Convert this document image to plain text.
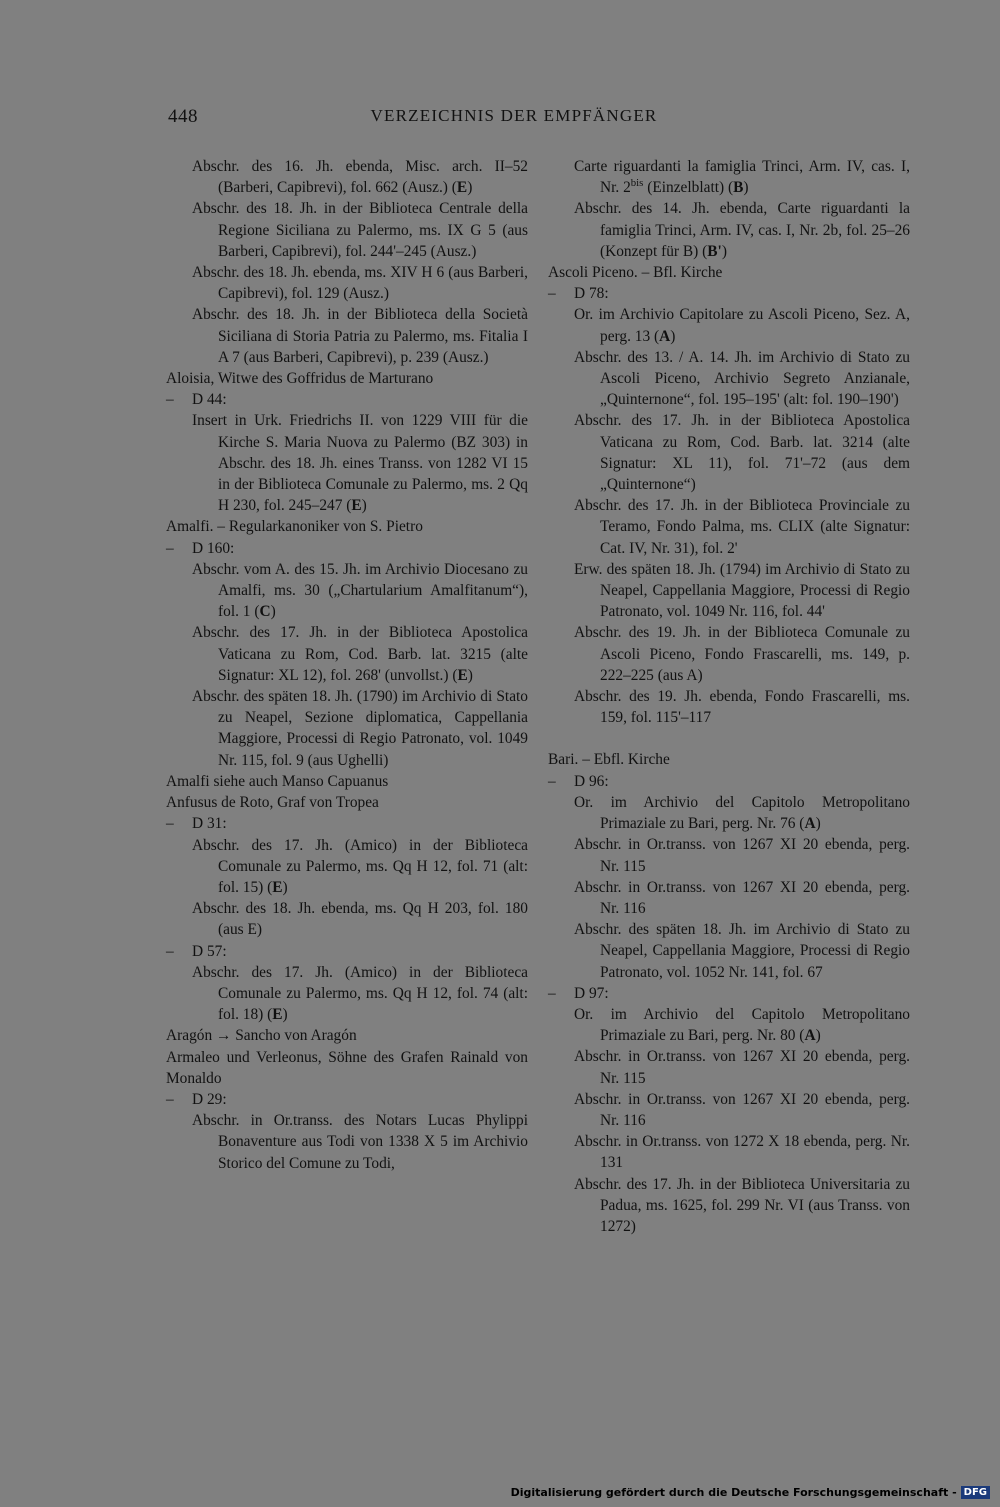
448	VERZEICHNIS DER EMPFÄNGER
Abschr. des 16. Jh. ebenda, Misc. arch. II–52 (Barberi, Capibrevi), fol. 662 (Ausz.) (E)
Abschr. des 18. Jh. in der Biblioteca Centrale della Regione Siciliana zu Palermo, ms. IX G 5 (aus Barberi, Capibrevi), fol. 244'–245 (Ausz.)
Abschr. des 18. Jh. ebenda, ms. XIV H 6 (aus Barberi, Capibrevi), fol. 129 (Ausz.)
Abschr. des 18. Jh. in der Biblioteca della Società Siciliana di Storia Patria zu Palermo, ms. Fitalia I A 7 (aus Barberi, Capibrevi), p. 239 (Ausz.)
Aloisia, Witwe des Goffridus de Marturano
– D 44:
Insert in Urk. Friedrichs II. von 1229 VIII für die Kirche S. Maria Nuova zu Palermo (BZ 303) in Abschr. des 18. Jh. eines Transs. von 1282 VI 15 in der Biblioteca Comunale zu Palermo, ms. 2 Qq H 230, fol. 245–247 (E)
Amalfi. – Regularkanoniker von S. Pietro
– D 160:
Abschr. vom A. des 15. Jh. im Archivio Diocesano zu Amalfi, ms. 30 („Chartularium Amalfitanum“), fol. 1 (C)
Abschr. des 17. Jh. in der Biblioteca Apostolica Vaticana zu Rom, Cod. Barb. lat. 3215 (alte Signatur: XL 12), fol. 268' (unvollst.) (E)
Abschr. des späten 18. Jh. (1790) im Archivio di Stato zu Neapel, Sezione diplomatica, Cappellania Maggiore, Processi di Regio Patronato, vol. 1049 Nr. 115, fol. 9 (aus Ughelli)
Amalfi siehe auch Manso Capuanus
Anfusus de Roto, Graf von Tropea
– D 31:
Abschr. des 17. Jh. (Amico) in der Biblioteca Comunale zu Palermo, ms. Qq H 12, fol. 71 (alt: fol. 15) (E)
Abschr. des 18. Jh. ebenda, ms. Qq H 203, fol. 180 (aus E)
– D 57:
Abschr. des 17. Jh. (Amico) in der Biblioteca Comunale zu Palermo, ms. Qq H 12, fol. 74 (alt: fol. 18) (E)
Aragón → Sancho von Aragón
Armaleo und Verleonus, Söhne des Grafen Rainald von Monaldo
– D 29:
Abschr. in Or.transs. des Notars Lucas Phylippi Bonaventure aus Todi von 1338 X 5 im Archivio Storico del Comune zu Todi,
Carte riguardanti la famiglia Trinci, Arm. IV, cas. I, Nr. $2^{bis}$ (Einzelblatt) (B)
Abschr. des 14. Jh. ebenda, Carte riguardanti la famiglia Trinci, Arm. IV, cas. I, Nr. 2b, fol. 25–26 (Konzept für B) (B')
Ascoli Piceno. – Bfl. Kirche
– D 78:
Or. im Archivio Capitolare zu Ascoli Piceno, Sez. A, perg. 13 (A)
Abschr. des 13. / A. 14. Jh. im Archivio di Stato zu Ascoli Piceno, Archivio Segreto Anzianale, „Quinternone“, fol. 195–195' (alt: fol. 190–190')
Abschr. des 17. Jh. in der Biblioteca Apostolica Vaticana zu Rom, Cod. Barb. lat. 3214 (alte Signatur: XL 11), fol. 71'–72 (aus dem „Quinternone“)
Abschr. des 17. Jh. in der Biblioteca Provinciale zu Teramo, Fondo Palma, ms. CLIX (alte Signatur: Cat. IV, Nr. 31), fol. 2'
Erw. des späten 18. Jh. (1794) im Archivio di Stato zu Neapel, Cappellania Maggiore, Processi di Regio Patronato, vol. 1049 Nr. 116, fol. 44'
Abschr. des 19. Jh. in der Biblioteca Comunale zu Ascoli Piceno, Fondo Frascarelli, ms. 149, p. 222–225 (aus A)
Abschr. des 19. Jh. ebenda, Fondo Frascarelli, ms. 159, fol. 115'–117
Bari. – Ebfl. Kirche
– D 96:
Or. im Archivio del Capitolo Metropolitano Primaziale zu Bari, perg. Nr. 76 (A)
Abschr. in Or.transs. von 1267 XI 20 ebenda, perg. Nr. 115
Abschr. in Or.transs. von 1267 XI 20 ebenda, perg. Nr. 116
Abschr. des späten 18. Jh. im Archivio di Stato zu Neapel, Cappellania Maggiore, Processi di Regio Patronato, vol. 1052 Nr. 141, fol. 67
– D 97:
Or. im Archivio del Capitolo Metropolitano Primaziale zu Bari, perg. Nr. 80 (A)
Abschr. in Or.transs. von 1267 XI 20 ebenda, perg. Nr. 115
Abschr. in Or.transs. von 1267 XI 20 ebenda, perg. Nr. 116
Abschr. in Or.transs. von 1272 X 18 ebenda, perg. Nr. 131
Abschr. des 17. Jh. in der Biblioteca Universitaria zu Padua, ms. 1625, fol. 299 Nr. VI (aus Transs. von 1272)
Digitalisierung gefördert durch die Deutsche Forschungsgemeinschaft - DFG
